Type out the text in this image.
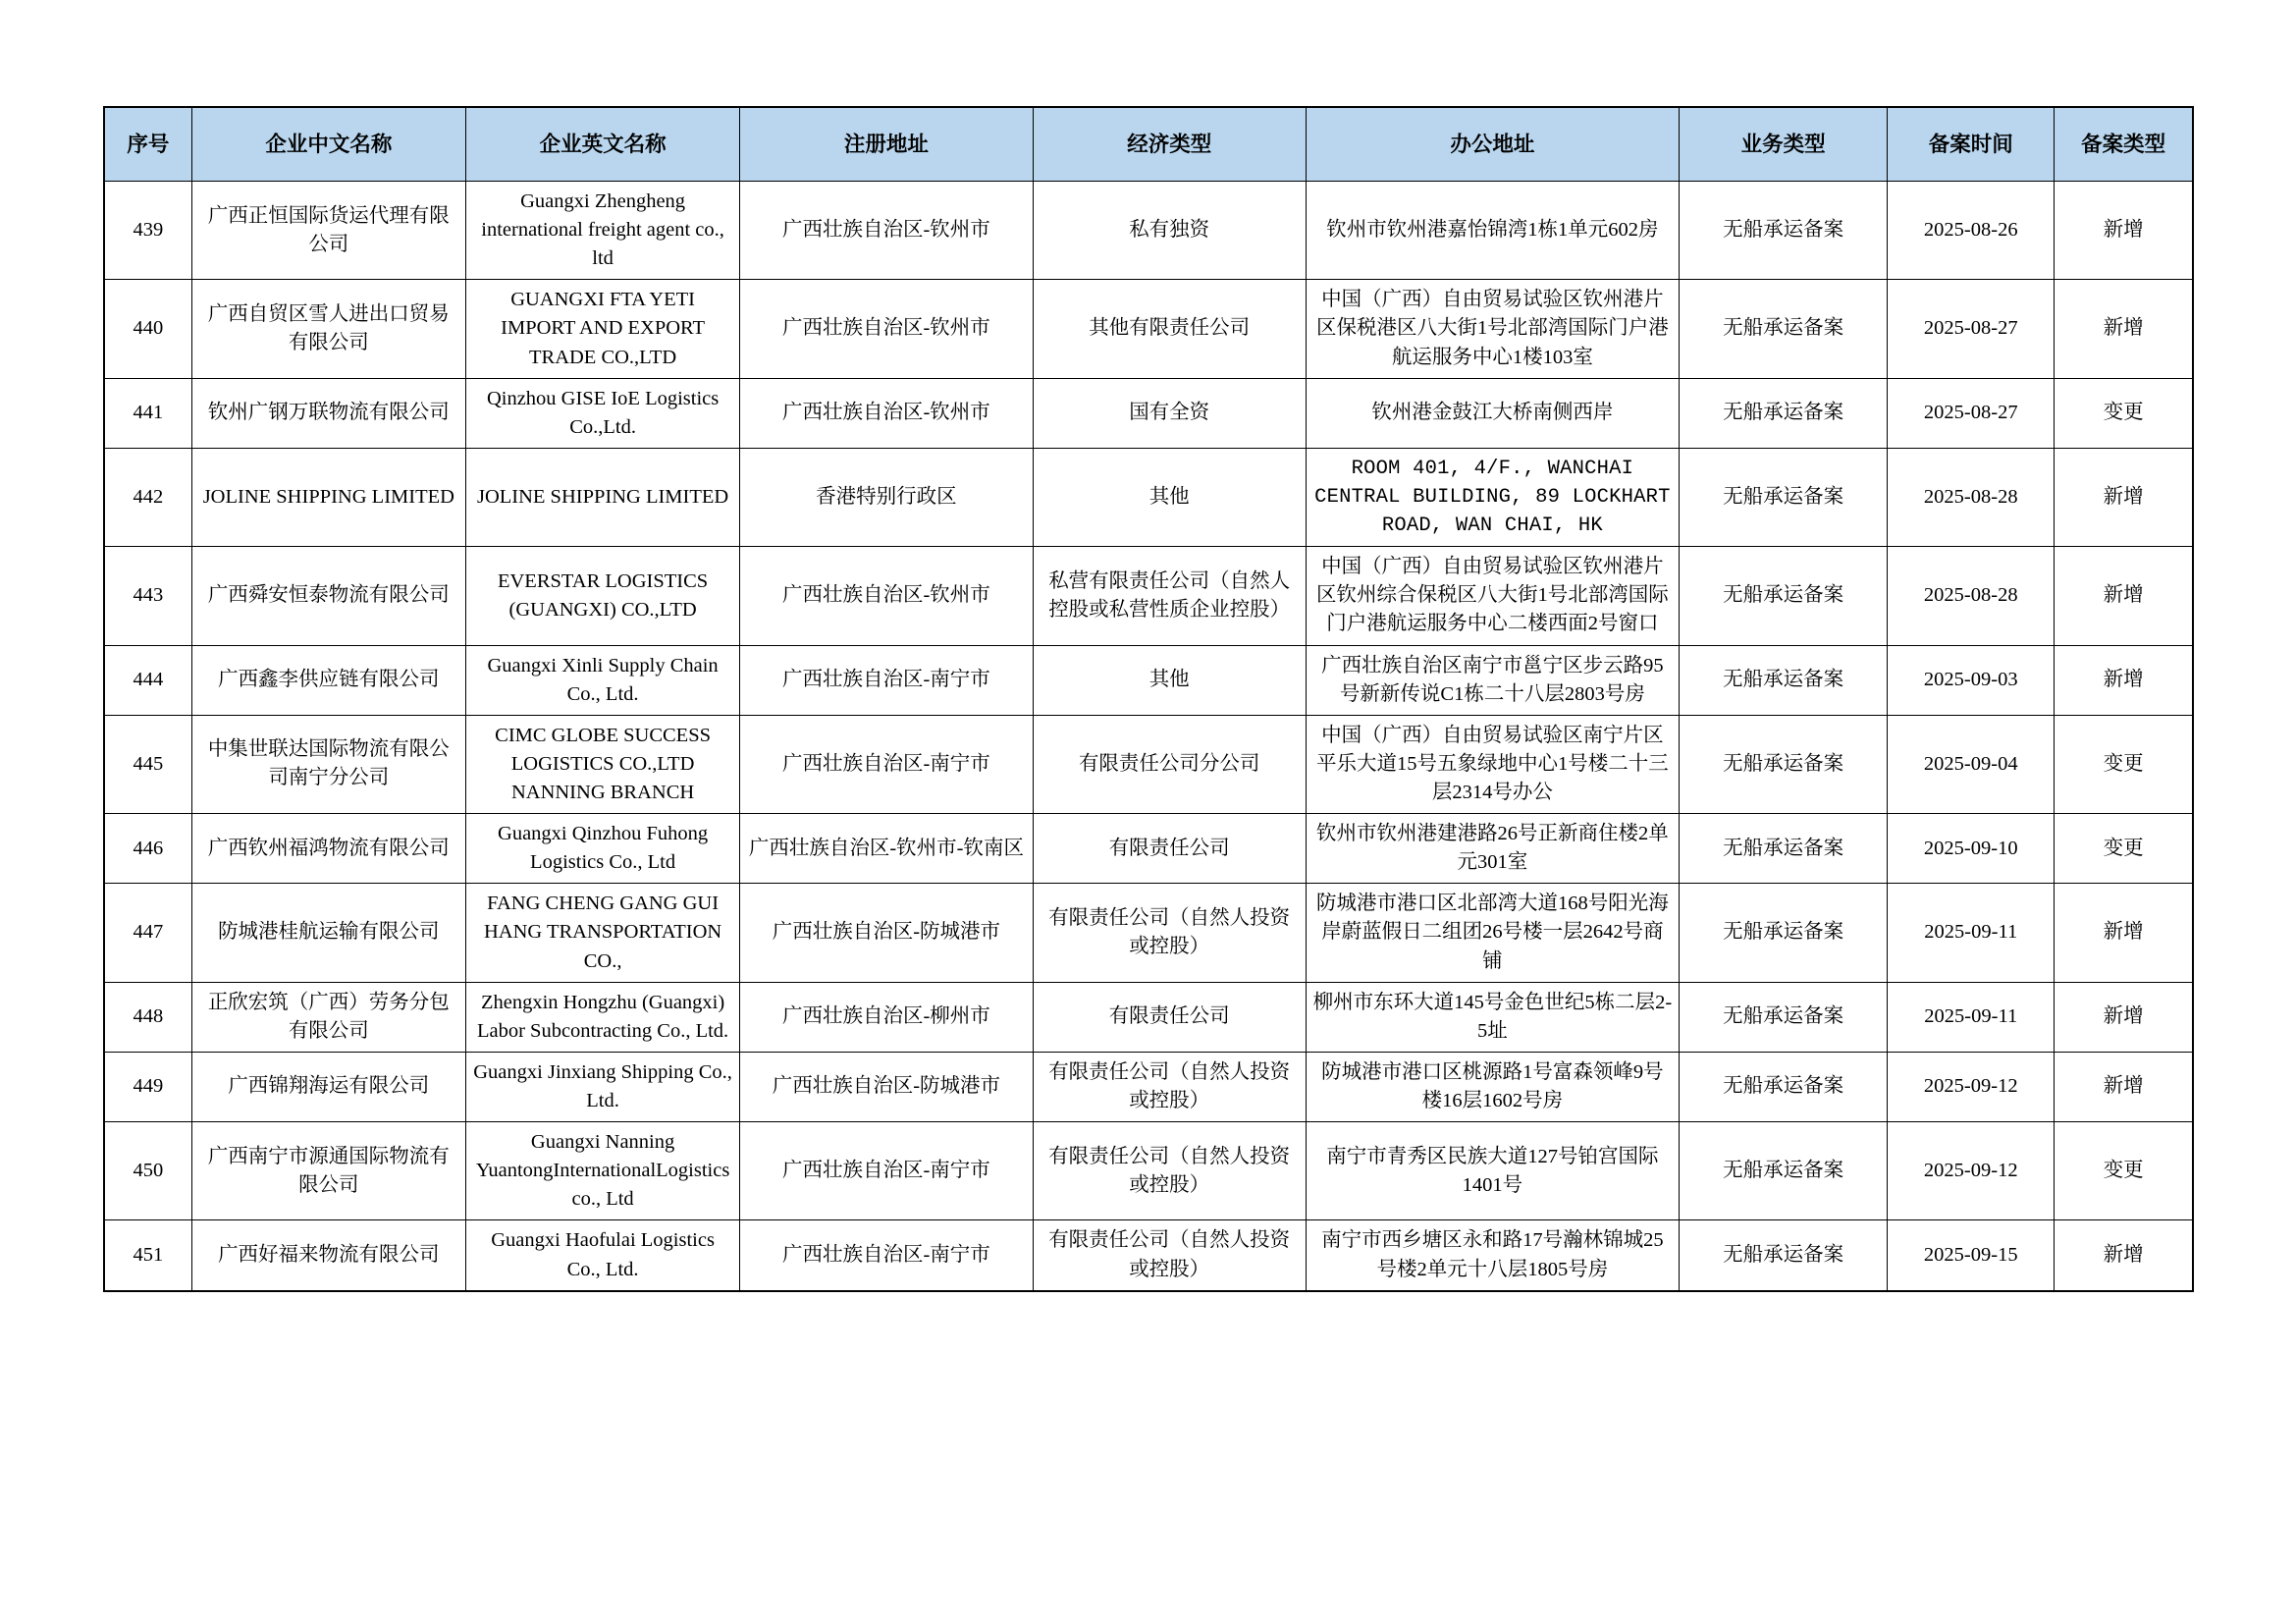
序号	企业中文名称	企业英文名称	注册地址	经济类型	办公地址	业务类型	备案时间	备案类型
439	广西正恒国际货运代理有限公司	Guangxi Zhengheng international freight agent co., ltd	广西壮族自治区-钦州市	私有独资	钦州市钦州港嘉怡锦湾1栋1单元602房	无船承运备案	2025-08-26	新增
440	广西自贸区雪人进出口贸易有限公司	GUANGXI FTA YETI IMPORT AND EXPORT TRADE CO.,LTD	广西壮族自治区-钦州市	其他有限责任公司	中国（广西）自由贸易试验区钦州港片区保税港区八大街1号北部湾国际门户港航运服务中心1楼103室	无船承运备案	2025-08-27	新增
441	钦州广钢万联物流有限公司	Qinzhou GISE IoE Logistics Co.,Ltd.	广西壮族自治区-钦州市	国有全资	钦州港金鼓江大桥南侧西岸	无船承运备案	2025-08-27	变更
442	JOLINE SHIPPING LIMITED	JOLINE SHIPPING LIMITED	香港特别行政区	其他	ROOM 401, 4/F., WANCHAI CENTRAL BUILDING, 89 LOCKHART ROAD, WAN CHAI, HK	无船承运备案	2025-08-28	新增
443	广西舜安恒泰物流有限公司	EVERSTAR LOGISTICS (GUANGXI) CO.,LTD	广西壮族自治区-钦州市	私营有限责任公司（自然人控股或私营性质企业控股）	中国（广西）自由贸易试验区钦州港片区钦州综合保税区八大街1号北部湾国际门户港航运服务中心二楼西面2号窗口	无船承运备案	2025-08-28	新增
444	广西鑫李供应链有限公司	Guangxi Xinli Supply Chain Co., Ltd.	广西壮族自治区-南宁市	其他	广西壮族自治区南宁市邕宁区步云路95号新新传说C1栋二十八层2803号房	无船承运备案	2025-09-03	新增
445	中集世联达国际物流有限公司南宁分公司	CIMC GLOBE SUCCESS LOGISTICS CO.,LTD NANNING BRANCH	广西壮族自治区-南宁市	有限责任公司分公司	中国（广西）自由贸易试验区南宁片区平乐大道15号五象绿地中心1号楼二十三层2314号办公	无船承运备案	2025-09-04	变更
446	广西钦州福鸿物流有限公司	Guangxi Qinzhou Fuhong Logistics Co., Ltd	广西壮族自治区-钦州市-钦南区	有限责任公司	钦州市钦州港建港路26号正新商住楼2单元301室	无船承运备案	2025-09-10	变更
447	防城港桂航运输有限公司	FANG CHENG GANG GUI HANG TRANSPORTATION CO.,	广西壮族自治区-防城港市	有限责任公司（自然人投资或控股）	防城港市港口区北部湾大道168号阳光海岸蔚蓝假日二组团26号楼一层2642号商铺	无船承运备案	2025-09-11	新增
448	正欣宏筑（广西）劳务分包有限公司	Zhengxin Hongzhu (Guangxi) Labor Subcontracting Co., Ltd.	广西壮族自治区-柳州市	有限责任公司	柳州市东环大道145号金色世纪5栋二层2-5址	无船承运备案	2025-09-11	新增
449	广西锦翔海运有限公司	Guangxi Jinxiang Shipping Co., Ltd.	广西壮族自治区-防城港市	有限责任公司（自然人投资或控股）	防城港市港口区桃源路1号富森领峰9号楼16层1602号房	无船承运备案	2025-09-12	新增
450	广西南宁市源通国际物流有限公司	Guangxi Nanning YuantongInternationalLogistics co., Ltd	广西壮族自治区-南宁市	有限责任公司（自然人投资或控股）	南宁市青秀区民族大道127号铂宫国际1401号	无船承运备案	2025-09-12	变更
451	广西好福来物流有限公司	Guangxi Haofulai Logistics Co., Ltd.	广西壮族自治区-南宁市	有限责任公司（自然人投资或控股）	南宁市西乡塘区永和路17号瀚林锦城25号楼2单元十八层1805号房	无船承运备案	2025-09-15	新增
